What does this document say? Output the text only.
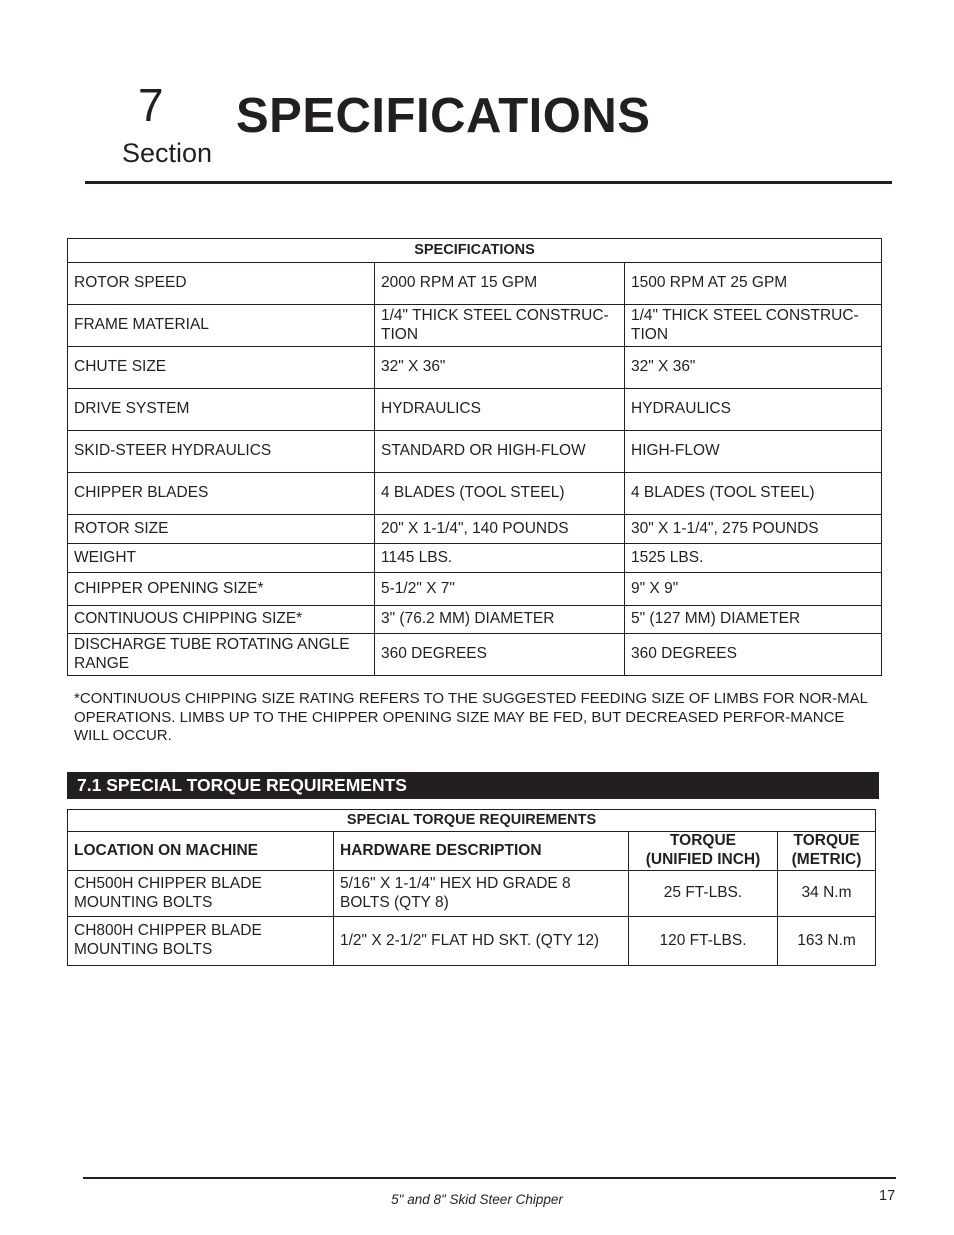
7
Section
SPECIFICATIONS
SPECIFICATIONS		
ROTOR SPEED	2000 RPM AT 15 GPM	1500 RPM AT 25 GPM
FRAME MATERIAL	1/4" THICK STEEL CONSTRUC-TION	1/4" THICK STEEL CONSTRUC-TION
CHUTE SIZE	32" X 36"	32" X 36"
DRIVE SYSTEM	HYDRAULICS	HYDRAULICS
SKID-STEER HYDRAULICS	STANDARD OR HIGH-FLOW	HIGH-FLOW
CHIPPER BLADES	4 BLADES (TOOL STEEL)	4 BLADES (TOOL STEEL)
ROTOR SIZE	20" X 1-1/4", 140 POUNDS	30" X 1-1/4", 275 POUNDS
WEIGHT	1145 LBS.	1525 LBS.
CHIPPER OPENING SIZE*	5-1/2" X 7"	9" X 9"
CONTINUOUS CHIPPING SIZE*	3" (76.2 MM) DIAMETER	5" (127 MM) DIAMETER
DISCHARGE TUBE ROTATING ANGLE RANGE	360 DEGREES	360 DEGREES

*CONTINUOUS CHIPPING SIZE RATING REFERS TO THE SUGGESTED FEEDING SIZE OF LIMBS FOR NOR-MAL OPERATIONS. LIMBS UP TO THE CHIPPER OPENING SIZE MAY BE FED, BUT DECREASED PERFOR-MANCE WILL OCCUR.

7.1 SPECIAL TORQUE REQUIREMENTS
SPECIAL TORQUE REQUIREMENTS			
LOCATION ON MACHINE	HARDWARE DESCRIPTION	TORQUE (UNIFIED INCH)	TORQUE (METRIC)
CH500H CHIPPER BLADE MOUNTING BOLTS	5/16" X 1-1/4" HEX HD GRADE 8 BOLTS (QTY 8)	25 FT-LBS.	34 N.m
CH800H CHIPPER BLADE MOUNTING BOLTS	1/2" X 2-1/2" FLAT HD SKT. (QTY 12)	120 FT-LBS.	163 N.m
5" and 8" Skid Steer Chipper	17
